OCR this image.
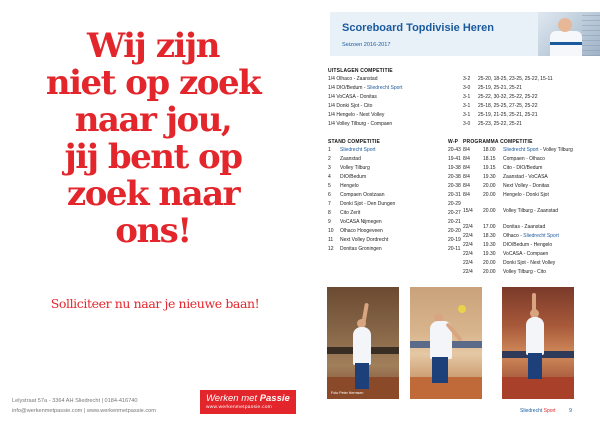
Wij zijn
niet op zoek
naar jou,
jij bent op
zoek naar
ons!
Solliciteer nu naar je nieuwe baan!
Lelystraat 57a - 3364 AH Sliedrecht | 0184-416740
info@werkenmetpassie.com | www.werkenmetpassie.com
Werken met Passie
www.werkenmetpassie.com
Scoreboard Topdivisie Heren
Seizoen 2016-2017
UITSLAGEN COMPETITIE
1/4 Olhaco - Zaanstad	3-2 25-20, 18-25, 23-25, 25-22, 15-11
1/4 DIO/Bedum - Sliedrecht Sport	3-0 25-19, 25-21, 25-21
1/4 VoCASA - Donitas	3-1 25-22, 30-32, 25-22, 25-22
1/4 Donki Sjot - Cito	3-1 25-18, 25-25, 27-25, 25-22
1/4 Hengelo - Next Volley	3-1 25-19, 21-25, 25-21, 25-21
1/4 Volley Tilburg - Compaen	3-0 25-23, 25-22, 25-21
STAND COMPETITIE	W-P
1 Sliedrecht Sport	20-43
2 Zaanstad	19-41
3 Volley Tilburg	19-38
4 DIO/Bedum	20-38
5 Hengelo	20-38
6 Compaen Oostzaan	20-31
7 Donki Sjot - Den Dungen	20-29
8 Cito Zerit	20-27
9 VoCASA Nijmegen	20-21
10 Olhaco Hoogeveen	20-20
11 Next Volley Dordrecht	20-19
12 Donitas Groningen	20-11
PROGRAMMA COMPETITIE
8/4	18.00 Sliedrecht Sport - Volley Tilburg
8/4	18.15 Compaen - Olhaco
8/4	19.15 Cito - DIO/Bedum
8/4	19.30 Zaanstad - VoCASA
8/4	20.00 Next Volley - Donitas
8/4	20.00 Hengelo - Donki Sjot
15/4 20.00 Volley Tilburg - Zaanstad
22/4 17.00 Donitas - Zaanstad
22/4 18.30 Olhaco - Sliedrecht Sport
22/4 19.30 DIO/Bedum - Hengelo
22/4 19.30 VoCASA - Compaen
22/4 20.00 Donki Sjot - Next Volley
22/4 20.00 Volley Tilburg - Cito
Foto Peter Hermsen
Sliedrecht Sport 9
